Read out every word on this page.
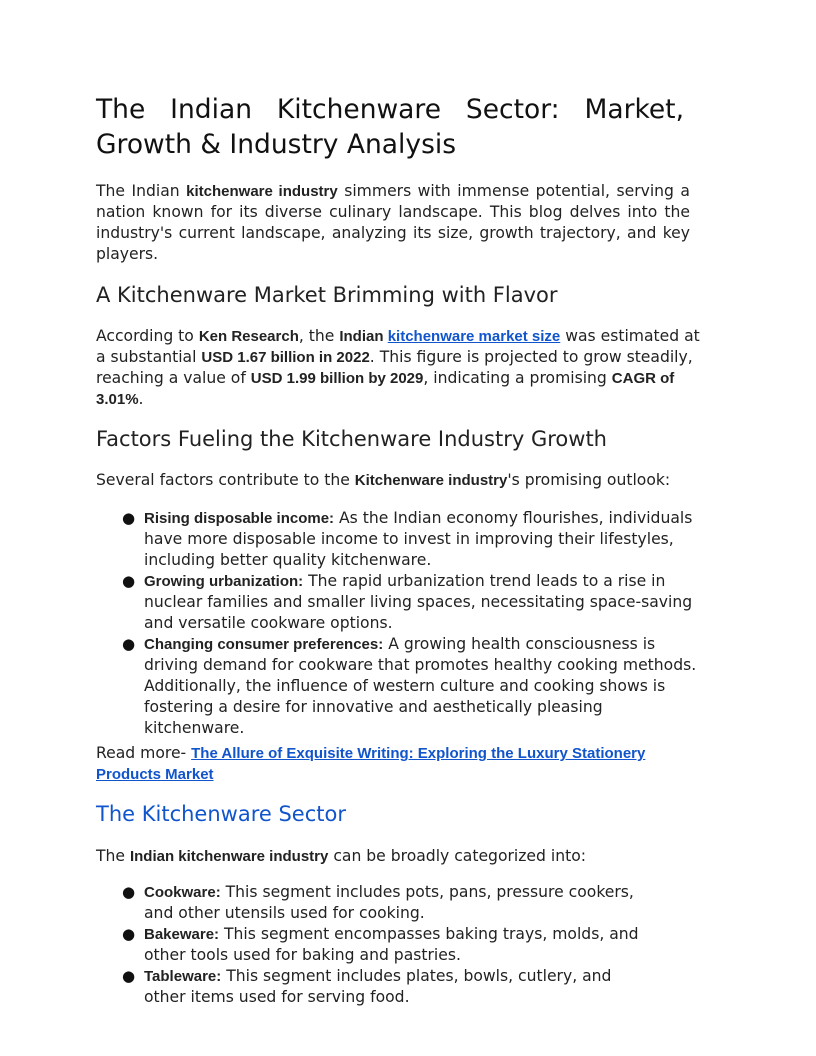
The Indian Kitchenware Sector: Market, Growth & Industry Analysis

The Indian kitchenware industry simmers with immense potential, serving a nation known for its diverse culinary landscape. This blog delves into the industry's current landscape, analyzing its size, growth trajectory, and key players.

A Kitchenware Market Brimming with Flavor

According to Ken Research, the Indian kitchenware market size was estimated at a substantial USD 1.67 billion in 2022. This figure is projected to grow steadily, reaching a value of USD 1.99 billion by 2029, indicating a promising CAGR of 3.01%.

Factors Fueling the Kitchenware Industry Growth

Several factors contribute to the Kitchenware industry's promising outlook:

● Rising disposable income: As the Indian economy flourishes, individuals have more disposable income to invest in improving their lifestyles, including better quality kitchenware.
● Growing urbanization: The rapid urbanization trend leads to a rise in nuclear families and smaller living spaces, necessitating space-saving and versatile cookware options.
● Changing consumer preferences: A growing health consciousness is driving demand for cookware that promotes healthy cooking methods. Additionally, the influence of western culture and cooking shows is fostering a desire for innovative and aesthetically pleasing kitchenware.

Read more- The Allure of Exquisite Writing: Exploring the Luxury Stationery Products Market

The Kitchenware Sector

The Indian kitchenware industry can be broadly categorized into:

● Cookware: This segment includes pots, pans, pressure cookers, and other utensils used for cooking.
● Bakeware: This segment encompasses baking trays, molds, and other tools used for baking and pastries.
● Tableware: This segment includes plates, bowls, cutlery, and other items used for serving food.
